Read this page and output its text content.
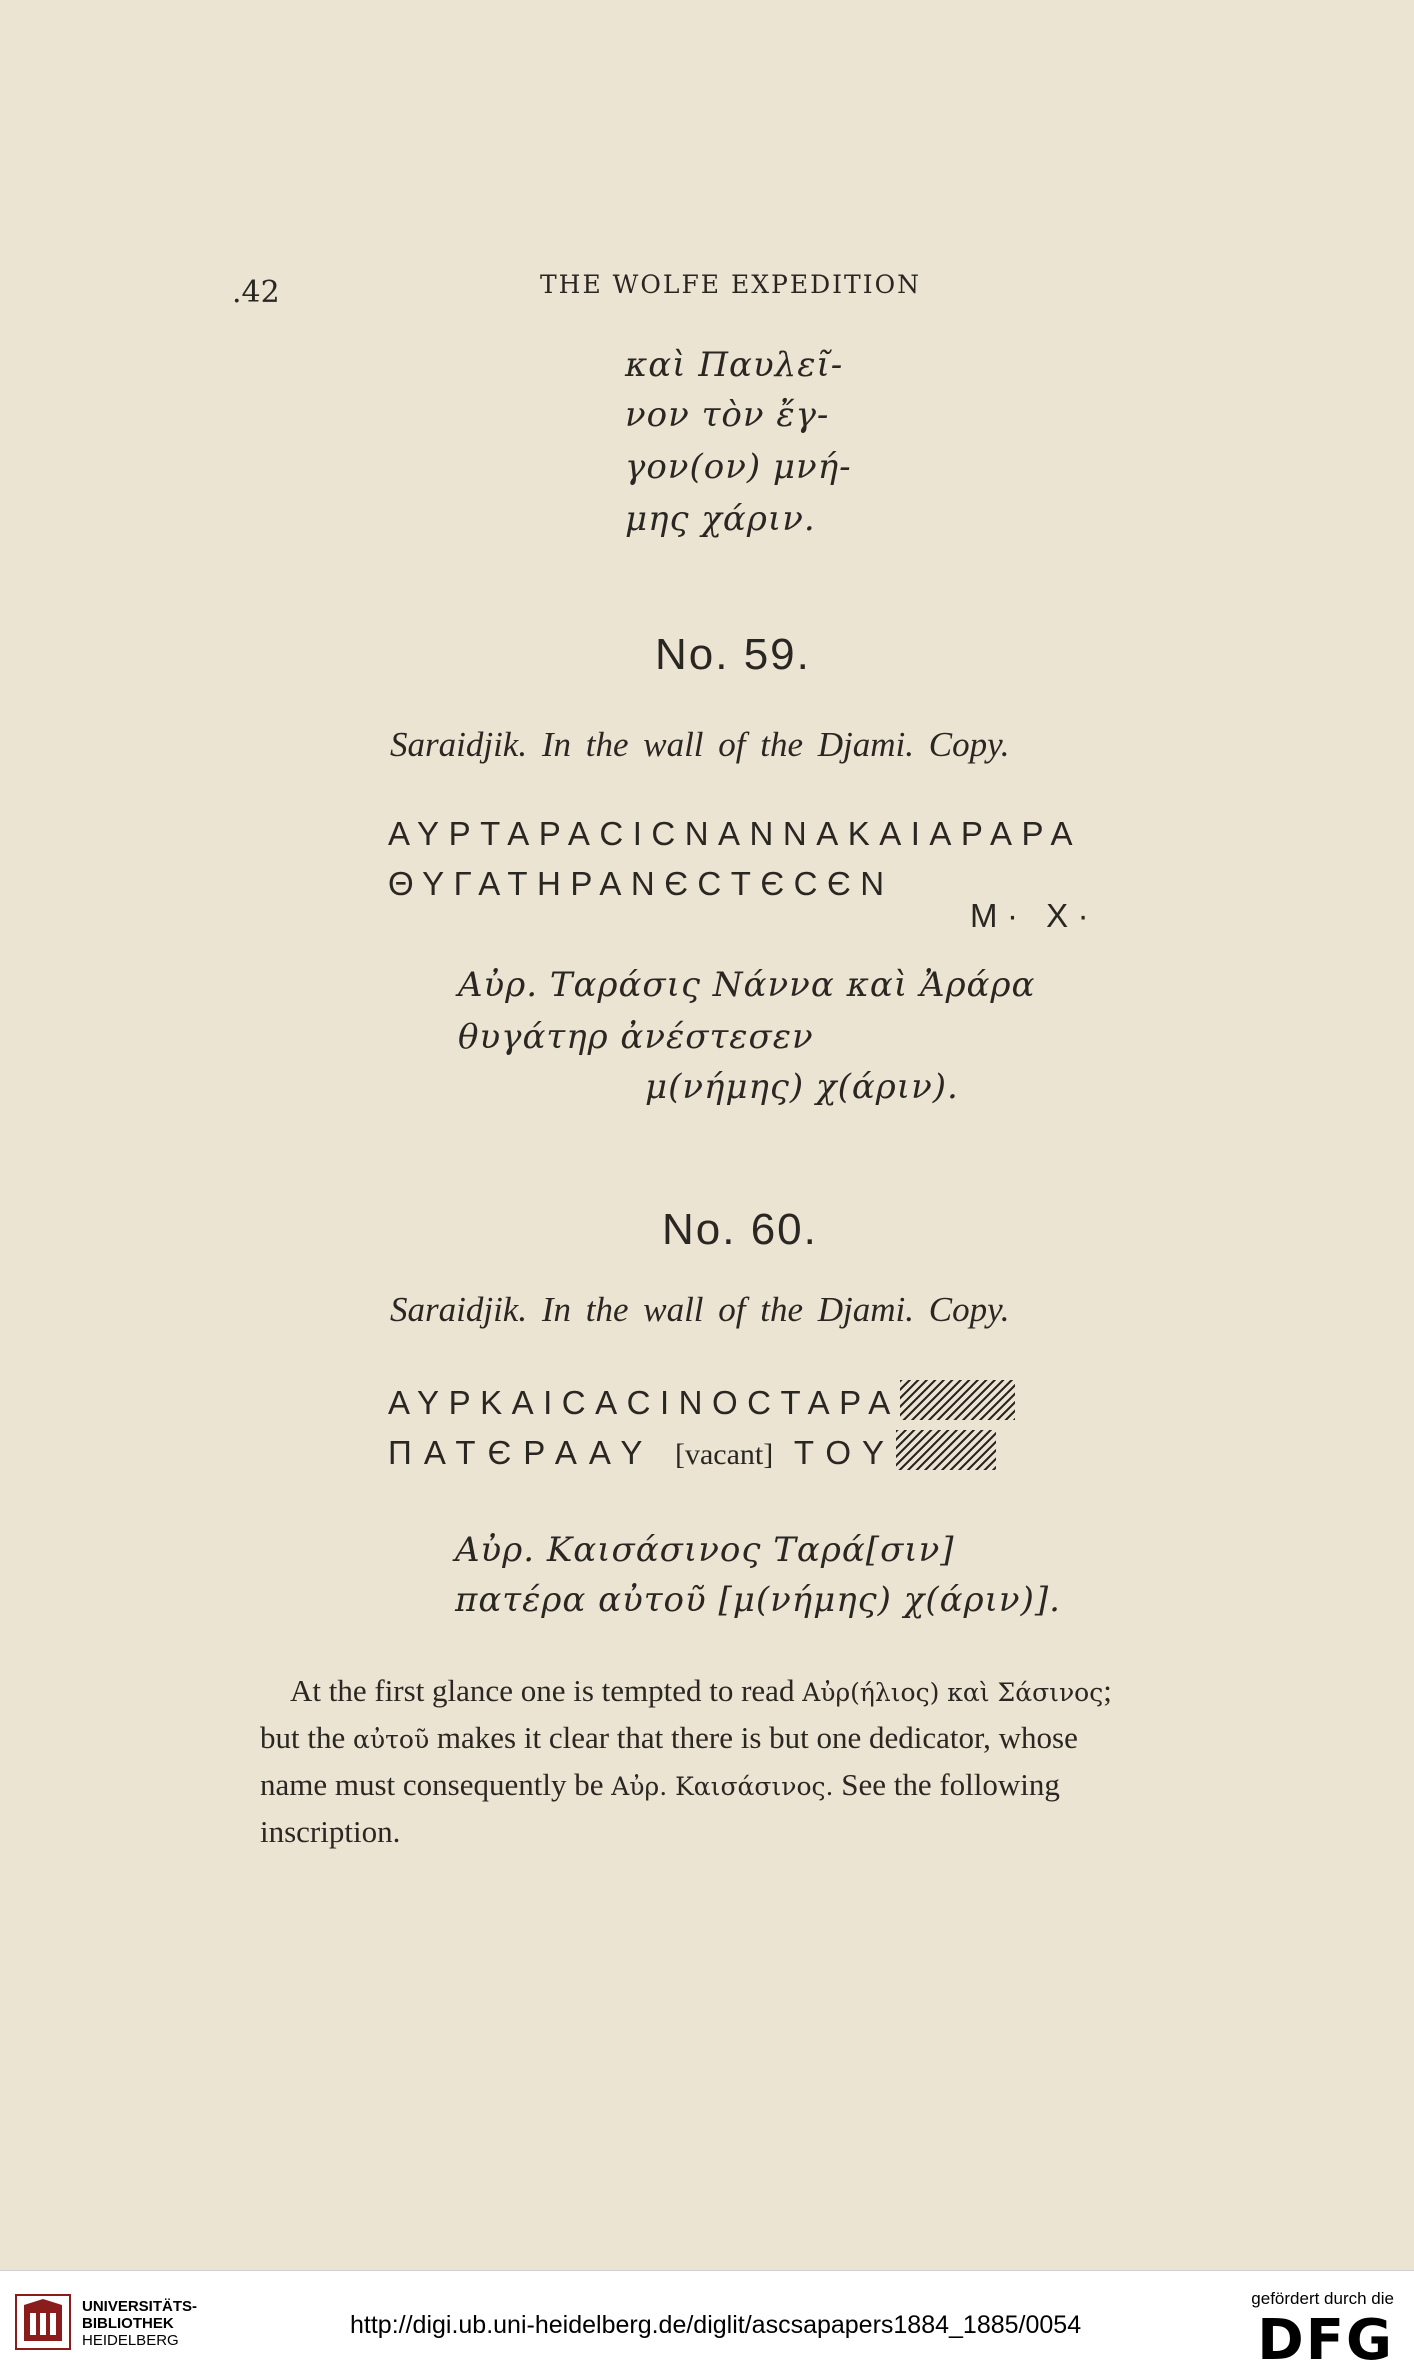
.42	THE WOLFE EXPEDITION
καὶ Παυλεῖ-
νον τὸν ἔγ-
γον(ον) μνή-
μης χάριν.
No. 59.
Saraidjik. In the wall of the Djami. Copy.
ΑΥΡΤΑΡΑCΙCΝΑΝΝΑΚΑΙΑΡΑΡΑ
ΘΥΓΑΤΗΡΑΝЄCΤЄCЄΝ
Μ· Χ·
Αὐρ. Ταράσις Νάννα καὶ Ἀράρα
θυγάτηρ ἀνέστεσεν
μ(νήμης) χ(άριν).
No. 60.
Saraidjik. In the wall of the Djami. Copy.
ΑΥΡΚΑΙCΑCΙΝΟCΤΑΡΑ
ΠΑΤЄΡΑΑΥ [vacant] ΤΟΥ
Αὐρ. Καισάσινος Ταρά[σιν]
πατέρα αὐτοῦ [μ(νήμης) χ(άριν)].

At the first glance one is tempted to read Αὐρ(ήλιος) καὶ Σάσινος;

but the αὐτοῦ makes it clear that there is but one dedicator, whose

name must consequently be Αὐρ. Καισάσινος. See the following

inscription.

UNIVERSITÄTS-
BIBLIOTHEK
HEIDELBERG
http://digi.ub.uni-heidelberg.de/diglit/ascsapapers1884_1885/0054
gefördert durch die
DFG
